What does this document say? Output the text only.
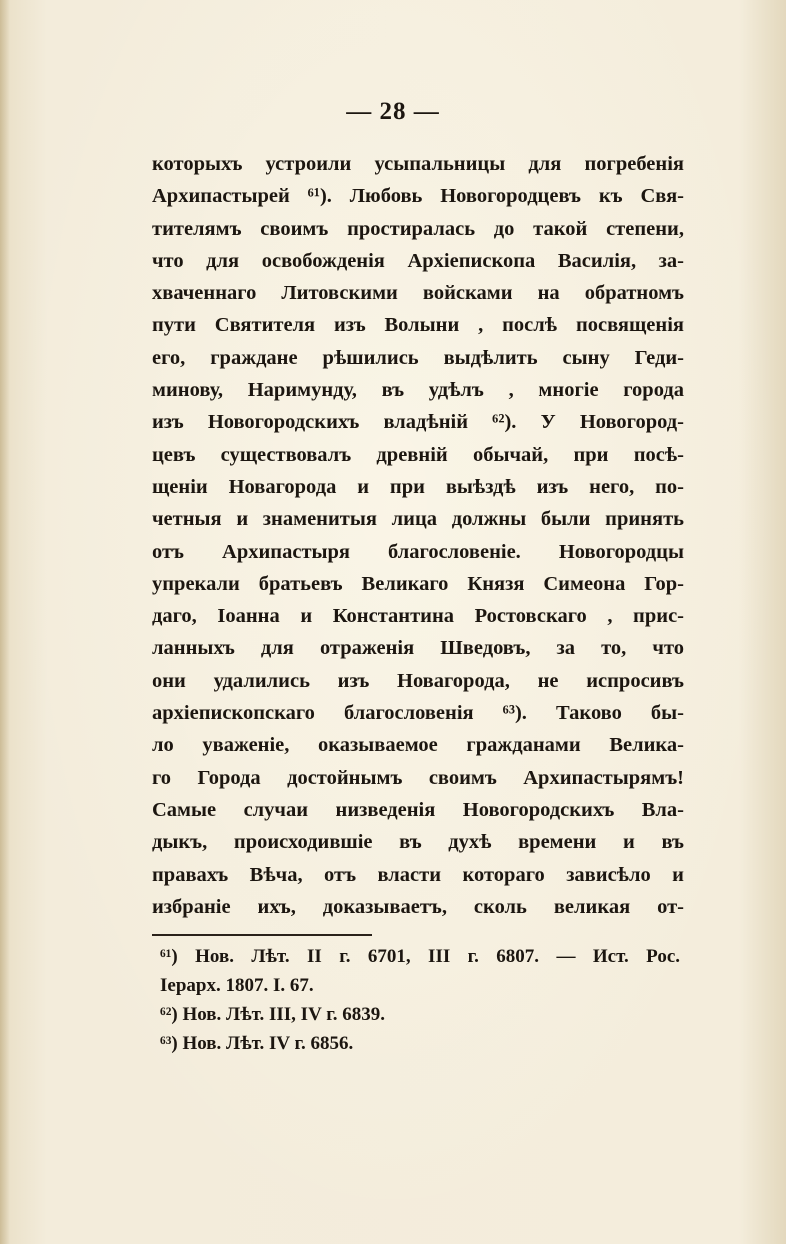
— 28 —
которыхъ устроили усыпальницы для погребенія
Архипастырей ⁶¹). Любовь Новогородцевъ къ Свя-
тителямъ своимъ простиралась до такой степени,
что для освобожденія Архіепископа Василія, за-
хваченнаго Литовскими войсками на обратномъ
пути Святителя изъ Волыни , послѣ посвященія
его, граждане рѣшились выдѣлить сыну Геди-
минову, Наримунду, въ удѣлъ , многіе города
изъ Новогородскихъ владѣній ⁶²). У Новогород-
цевъ существовалъ древній обычай, при посѣ-
щеніи Новагорода и при выѣздѣ изъ него, по-
четныя и знаменитыя лица должны были принять
отъ Архипастыря благословеніе. Новогородцы
упрекали братьевъ Великаго Князя Симеона Гор-
даго, Іоанна и Константина Ростовскаго , прис-
ланныхъ для отраженія Шведовъ, за то, что
они удалились изъ Новагорода, не испросивъ
архіепископскаго благословенія ⁶³). Таково бы-
ло уваженіе, оказываемое гражданами Велика-
го Города достойнымъ своимъ Архипастырямъ!
Самые случаи низведенія Новогородскихъ Вла-
дыкъ, происходившіе въ духѣ времени и въ
правахъ Вѣча, отъ власти котораго зависѣло и
избраніе ихъ, доказываетъ, сколь великая от-
⁶¹) Нов. Лѣт. II г. 6701, III г. 6807. — Ист. Рос.
Іерарх. 1807. I. 67.
⁶²) Нов. Лѣт. III, IV г. 6839.
⁶³) Нов. Лѣт. IV г. 6856.
